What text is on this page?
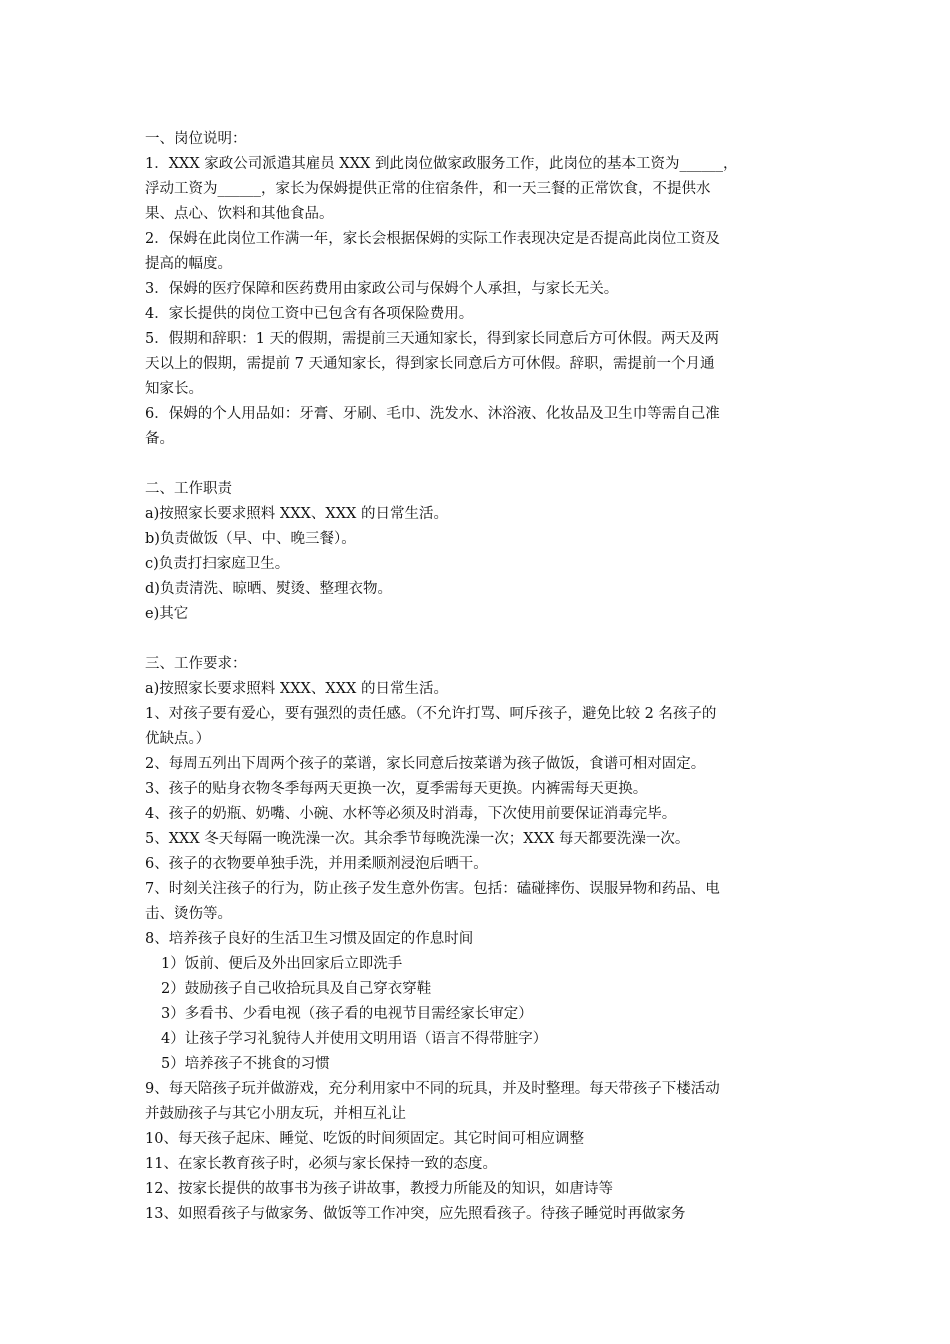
一、岗位说明：
1．XXX 家政公司派遣其雇员 XXX 到此岗位做家政服务工作，此岗位的基本工资为______，
浮动工资为______，家长为保姆提供正常的住宿条件，和一天三餐的正常饮食，不提供水
果、点心、饮料和其他食品。
2．保姆在此岗位工作满一年，家长会根据保姆的实际工作表现决定是否提高此岗位工资及
提高的幅度。
3．保姆的医疗保障和医药费用由家政公司与保姆个人承担，与家长无关。
4．家长提供的岗位工资中已包含有各项保险费用。
5．假期和辞职：1 天的假期，需提前三天通知家长，得到家长同意后方可休假。两天及两
天以上的假期，需提前 7 天通知家长，得到家长同意后方可休假。辞职，需提前一个月通
知家长。
6．保姆的个人用品如：牙膏、牙刷、毛巾、洗发水、沐浴液、化妆品及卫生巾等需自己准
备。
二、工作职责
a)按照家长要求照料 XXX、XXX 的日常生活。
b)负责做饭（早、中、晚三餐）。
c)负责打扫家庭卫生。
d)负责清洗、晾晒、熨烫、整理衣物。
e)其它
三、工作要求：
a)按照家长要求照料 XXX、XXX 的日常生活。
1、对孩子要有爱心，要有强烈的责任感。（不允许打骂、呵斥孩子，避免比较 2 名孩子的
优缺点。）
2、每周五列出下周两个孩子的菜谱，家长同意后按菜谱为孩子做饭，食谱可相对固定。
3、孩子的贴身衣物冬季每两天更换一次，夏季需每天更换。内裤需每天更换。
4、孩子的奶瓶、奶嘴、小碗、水杯等必须及时消毒，下次使用前要保证消毒完毕。
5、XXX 冬天每隔一晚洗澡一次。其余季节每晚洗澡一次；XXX 每天都要洗澡一次。
6、孩子的衣物要单独手洗，并用柔顺剂浸泡后晒干。
7、时刻关注孩子的行为，防止孩子发生意外伤害。包括：磕碰摔伤、误服异物和药品、电
击、烫伤等。
8、培养孩子良好的生活卫生习惯及固定的作息时间
1）饭前、便后及外出回家后立即洗手
2）鼓励孩子自己收拾玩具及自己穿衣穿鞋
3）多看书、少看电视（孩子看的电视节目需经家长审定）
4）让孩子学习礼貌待人并使用文明用语（语言不得带脏字）
5）培养孩子不挑食的习惯
9、每天陪孩子玩并做游戏，充分利用家中不同的玩具，并及时整理。每天带孩子下楼活动
并鼓励孩子与其它小朋友玩，并相互礼让
10、每天孩子起床、睡觉、吃饭的时间须固定。其它时间可相应调整
11、在家长教育孩子时，必须与家长保持一致的态度。
12、按家长提供的故事书为孩子讲故事，教授力所能及的知识，如唐诗等
13、如照看孩子与做家务、做饭等工作冲突，应先照看孩子。待孩子睡觉时再做家务
